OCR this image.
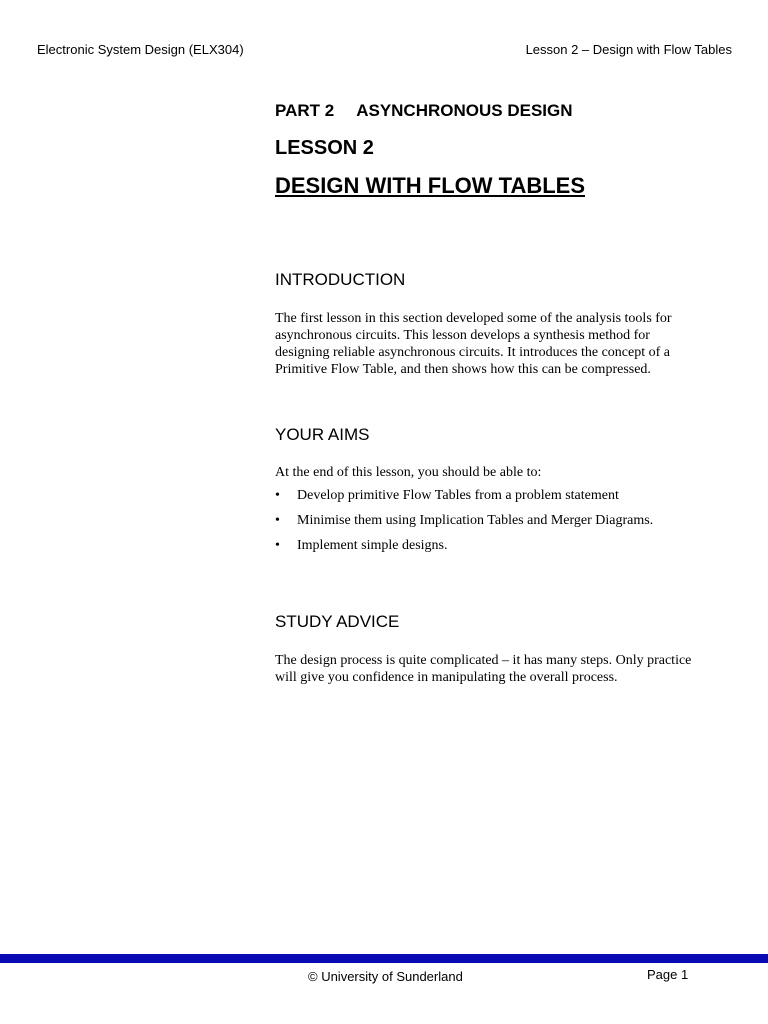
Electronic System Design (ELX304)	Lesson 2 – Design with Flow Tables
PART 2 ASYNCHRONOUS DESIGN
LESSON 2
DESIGN WITH FLOW TABLES
INTRODUCTION

The first lesson in this section developed some of the analysis tools for asynchronous circuits. This lesson develops a synthesis method for designing reliable asynchronous circuits. It introduces the concept of a Primitive Flow Table, and then shows how this can be compressed.

YOUR AIMS

At the end of this lesson, you should be able to:

•	Develop primitive Flow Tables from a problem statement
•	Minimise them using Implication Tables and Merger Diagrams.
•	Implement simple designs.
STUDY ADVICE

The design process is quite complicated – it has many steps. Only practice will give you confidence in manipulating the overall process.

© University of Sunderland	Page 1
